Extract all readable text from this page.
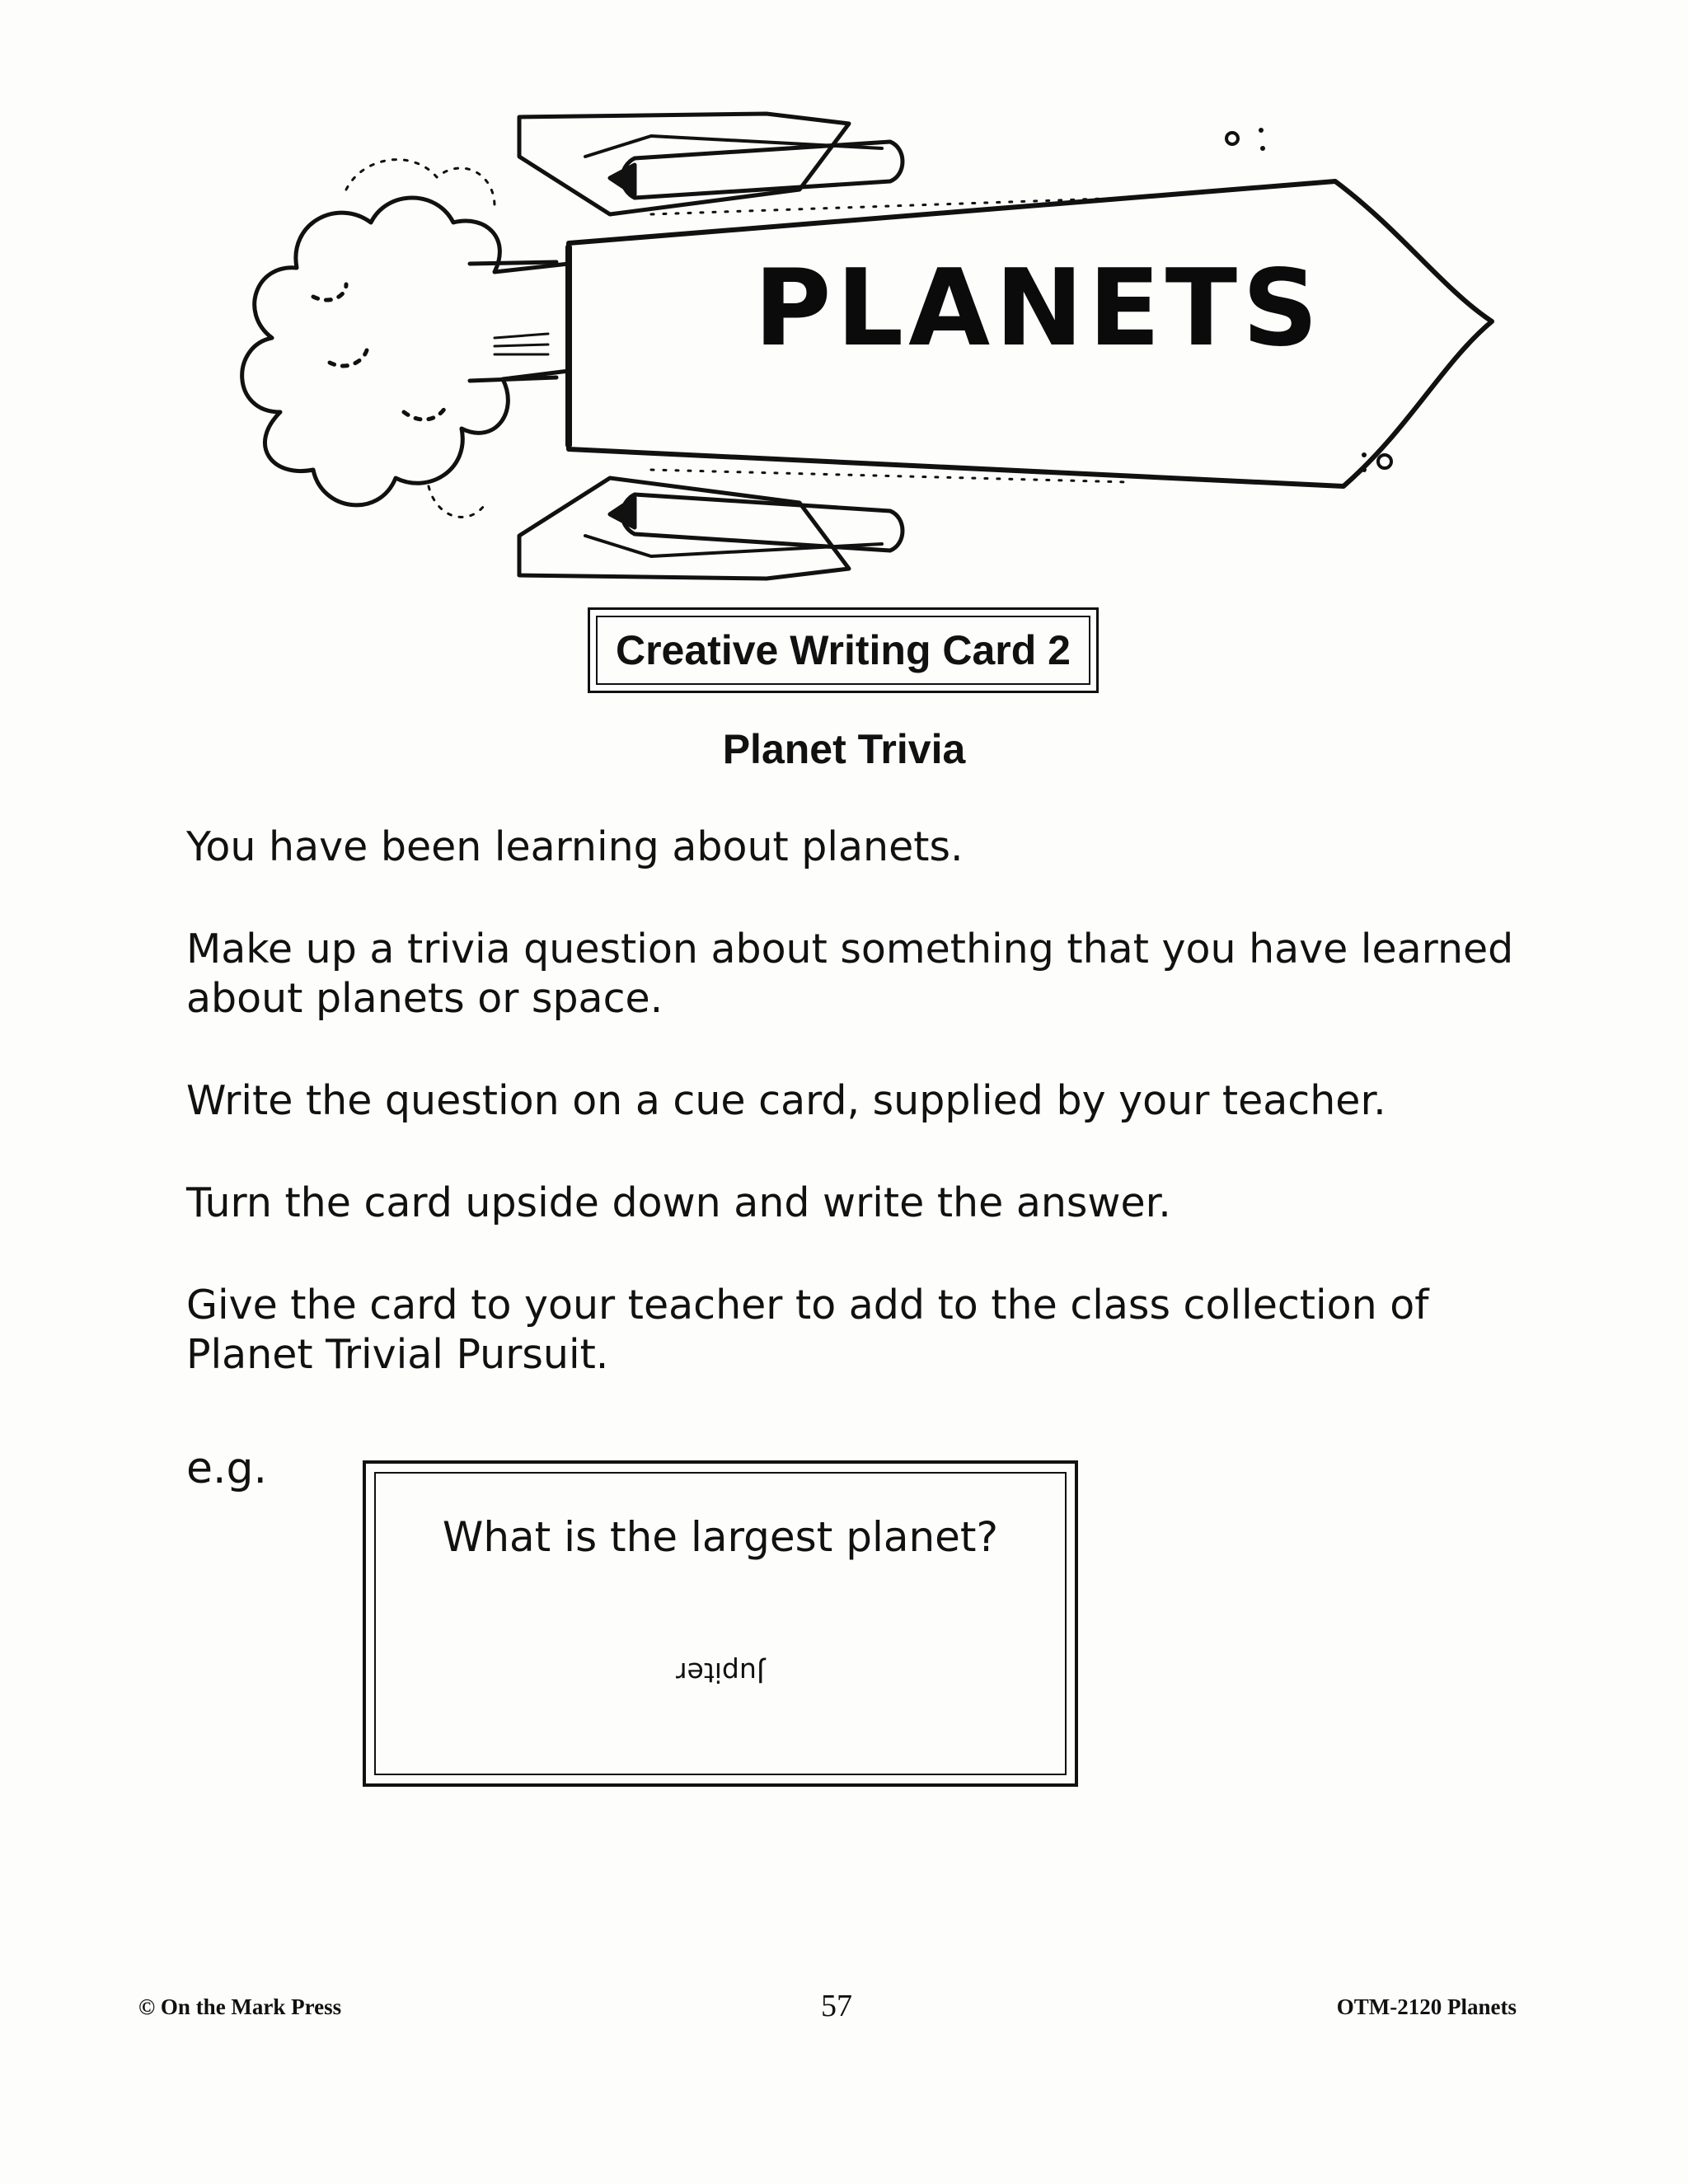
PLANETS
Creative Writing Card 2
Planet Trivia

You have been learning about planets.

Make up a trivia question about something that you have learned about planets or space.

Write the question on a cue card, supplied by your teacher.

Turn the card upside down and write the answer.

Give the card to your teacher to add to the class collection of Planet Trivial Pursuit.

e.g.
What is the largest planet?
Jupiter
© On the Mark Press	57	OTM-2120 Planets
